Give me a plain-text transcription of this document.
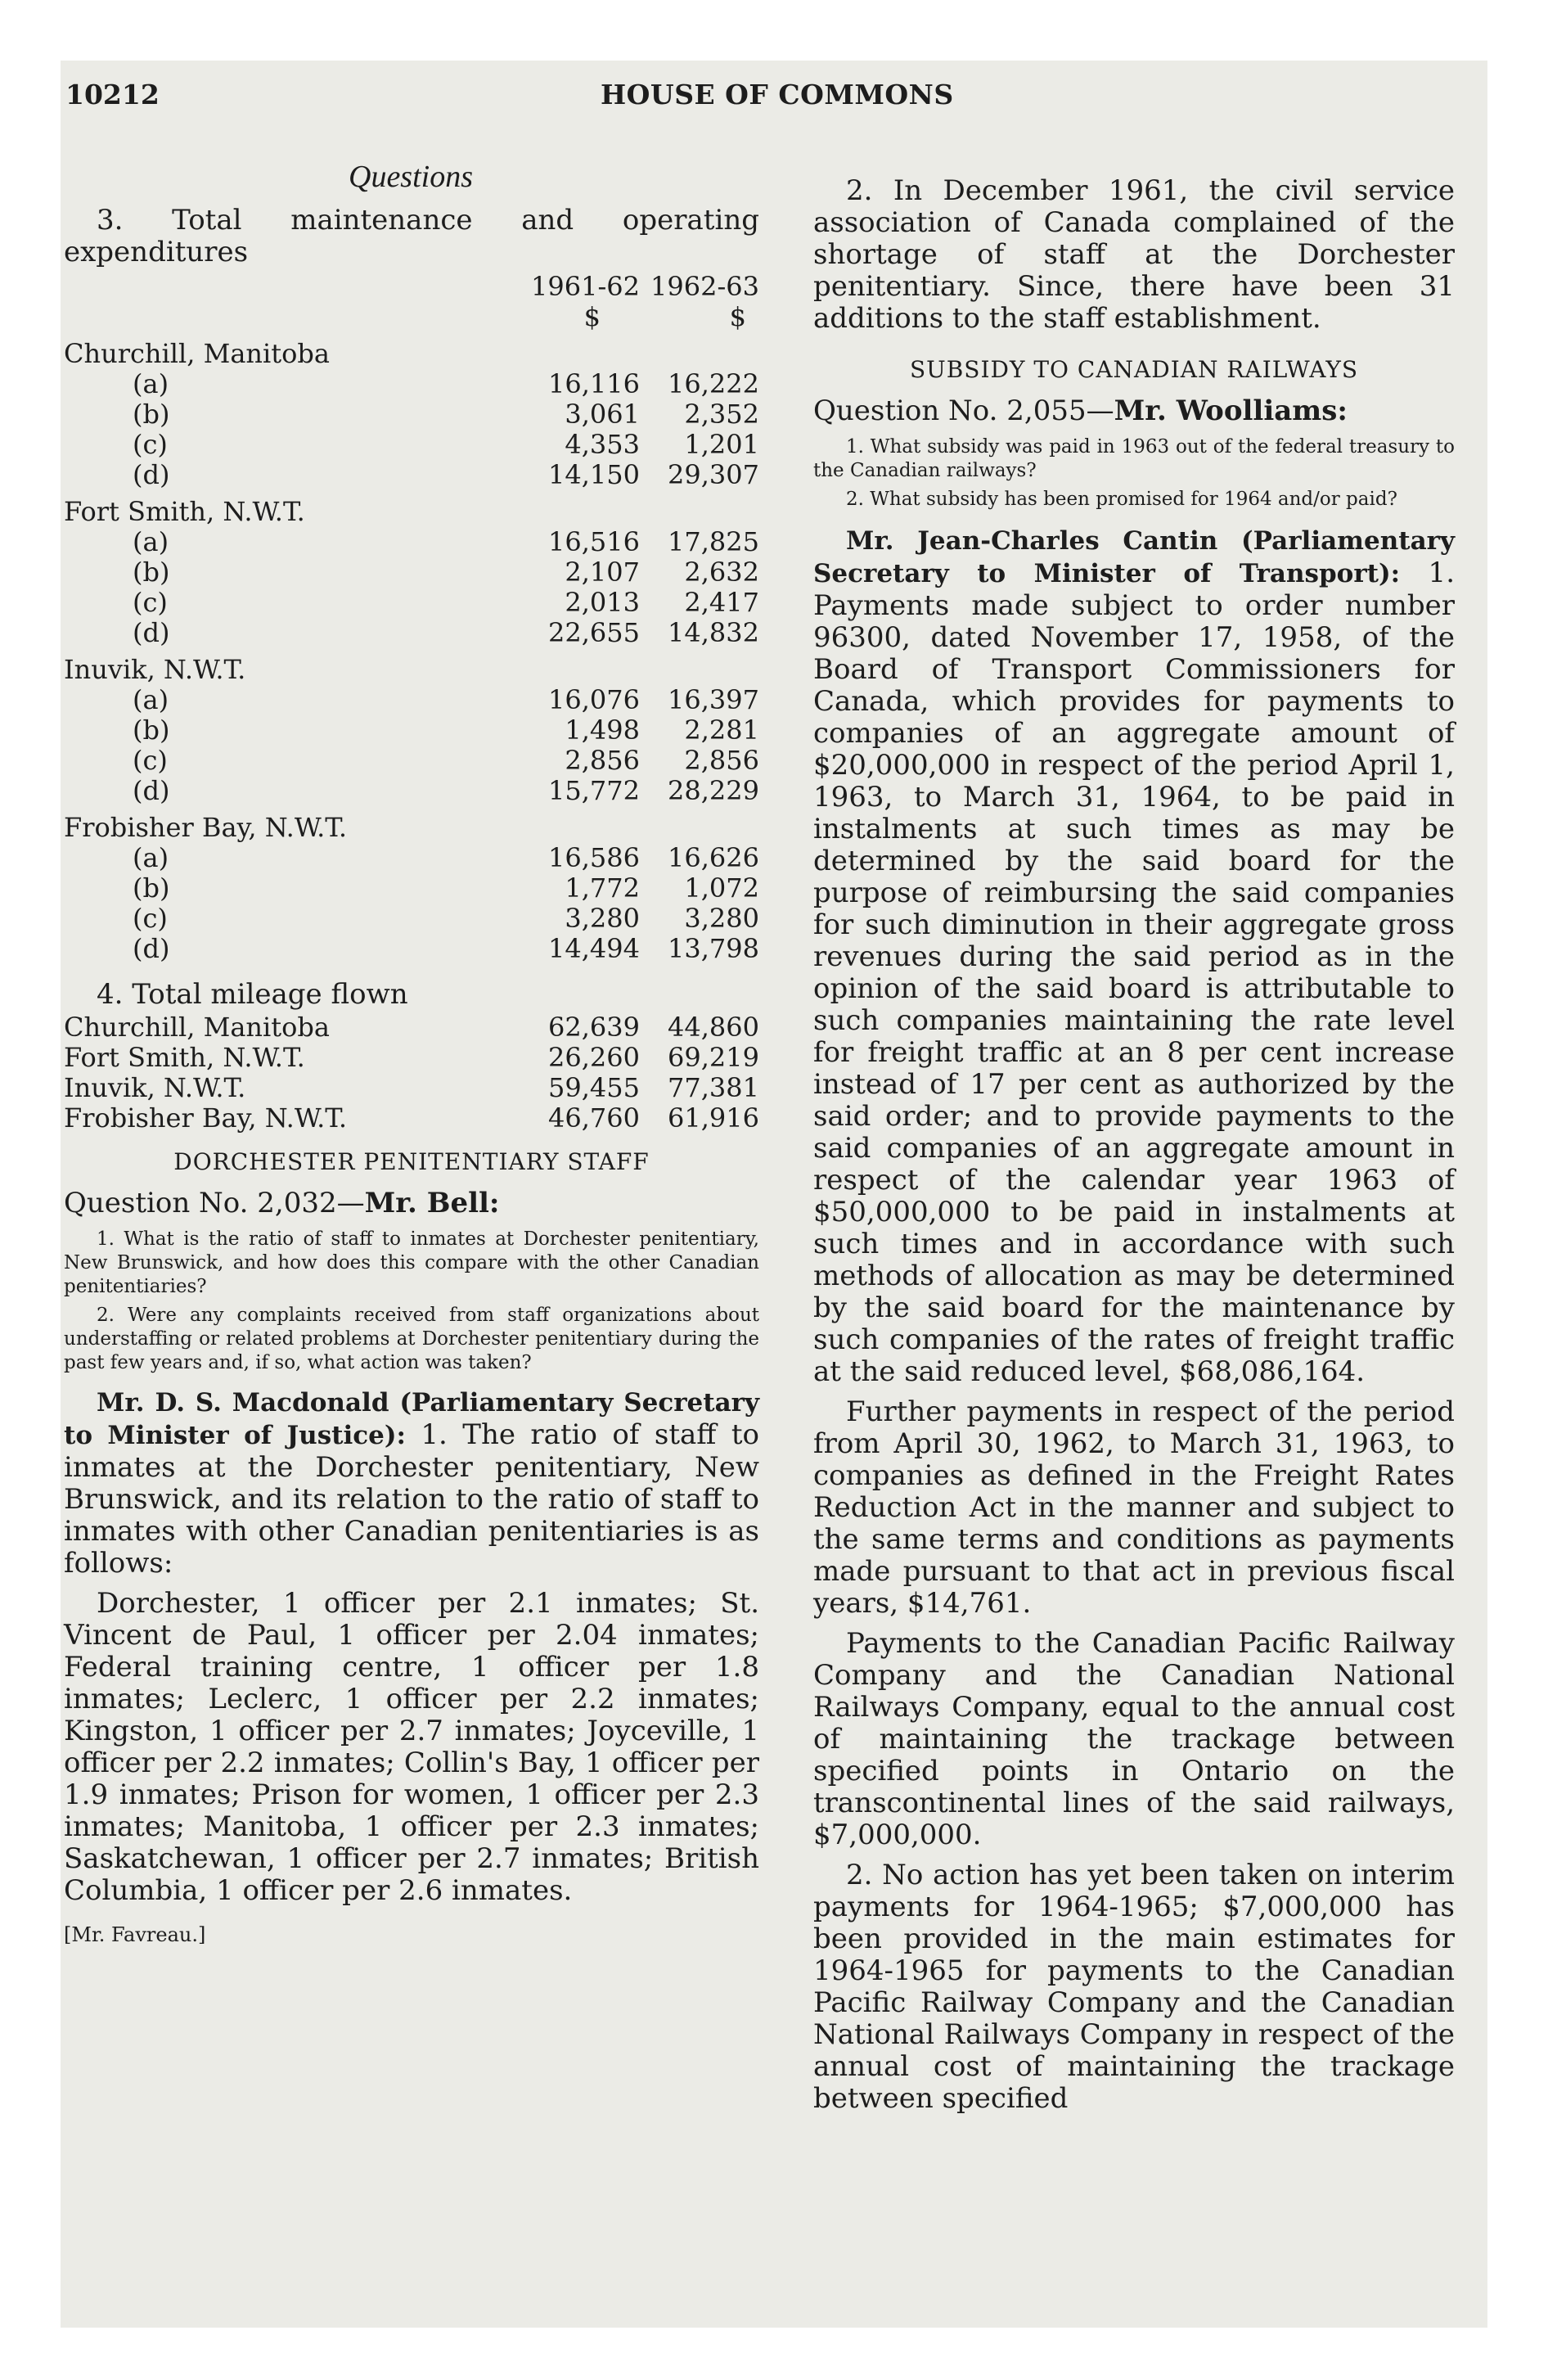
10212	HOUSE OF COMMONS
Questions

3. Total maintenance and operating expenditures

1961-62 1962-63
$	$
Churchill, Manitoba
(a)	16,116	16,222
(b)	3,061	2,352
(c)	4,353	1,201
(d)	14,150	29,307
Fort Smith, N.W.T.
(a)	16,516	17,825
(b)	2,107	2,632
(c)	2,013	2,417
(d)	22,655	14,832
Inuvik, N.W.T.
(a)	16,076	16,397
(b)	1,498	2,281
(c)	2,856	2,856
(d)	15,772	28,229
Frobisher Bay, N.W.T.
(a)	16,586	16,626
(b)	1,772	1,072
(c)	3,280	3,280
(d)	14,494	13,798

4. Total mileage flown

Churchill, Manitoba	62,639	44,860
Fort Smith, N.W.T.	26,260	69,219
Inuvik, N.W.T.	59,455	77,381
Frobisher Bay, N.W.T.	46,760	61,916
DORCHESTER PENITENTIARY STAFF

Question No. 2,032—Mr. Bell:

1. What is the ratio of staff to inmates at Dorchester penitentiary, New Brunswick, and how does this compare with the other Canadian penitentiaries?

2. Were any complaints received from staff organizations about understaffing or related problems at Dorchester penitentiary during the past few years and, if so, what action was taken?

Mr. D. S. Macdonald (Parliamentary Secretary to Minister of Justice): 1. The ratio of staff to inmates at the Dorchester penitentiary, New Brunswick, and its relation to the ratio of staff to inmates with other Canadian penitentiaries is as follows:

Dorchester, 1 officer per 2.1 inmates; St. Vincent de Paul, 1 officer per 2.04 inmates; Federal training centre, 1 officer per 1.8 inmates; Leclerc, 1 officer per 2.2 inmates; Kingston, 1 officer per 2.7 inmates; Joyceville, 1 officer per 2.2 inmates; Collin's Bay, 1 officer per 1.9 inmates; Prison for women, 1 officer per 2.3 inmates; Manitoba, 1 officer per 2.3 inmates; Saskatchewan, 1 officer per 2.7 inmates; British Columbia, 1 officer per 2.6 inmates.

[Mr. Favreau.]

2. In December 1961, the civil service association of Canada complained of the shortage of staff at the Dorchester penitentiary. Since, there have been 31 additions to the staff establishment.

SUBSIDY TO CANADIAN RAILWAYS

Question No. 2,055—Mr. Woolliams:

1. What subsidy was paid in 1963 out of the federal treasury to the Canadian railways?

2. What subsidy has been promised for 1964 and/or paid?

Mr. Jean-Charles Cantin (Parliamentary Secretary to Minister of Transport): 1. Payments made subject to order number 96300, dated November 17, 1958, of the Board of Transport Commissioners for Canada, which provides for payments to companies of an aggregate amount of $20,000,000 in respect of the period April 1, 1963, to March 31, 1964, to be paid in instalments at such times as may be determined by the said board for the purpose of reimbursing the said companies for such diminution in their aggregate gross revenues during the said period as in the opinion of the said board is attributable to such companies maintaining the rate level for freight traffic at an 8 per cent increase instead of 17 per cent as authorized by the said order; and to provide payments to the said companies of an aggregate amount in respect of the calendar year 1963 of $50,000,000 to be paid in instalments at such times and in accordance with such methods of allocation as may be determined by the said board for the maintenance by such companies of the rates of freight traffic at the said reduced level, $68,086,164.

Further payments in respect of the period from April 30, 1962, to March 31, 1963, to companies as defined in the Freight Rates Reduction Act in the manner and subject to the same terms and conditions as payments made pursuant to that act in previous fiscal years, $14,761.

Payments to the Canadian Pacific Railway Company and the Canadian National Railways Company, equal to the annual cost of maintaining the trackage between specified points in Ontario on the transcontinental lines of the said railways, $7,000,000.

2. No action has yet been taken on interim payments for 1964-1965; $7,000,000 has been provided in the main estimates for 1964-1965 for payments to the Canadian Pacific Railway Company and the Canadian National Railways Company in respect of the annual cost of maintaining the trackage between specified
